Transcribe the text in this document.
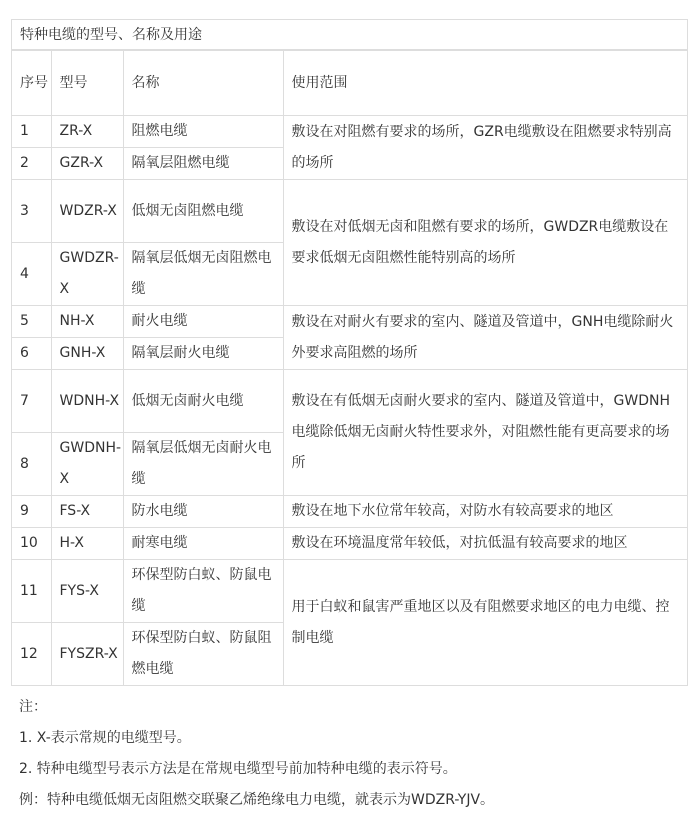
特种电缆的型号、名称及用途
序号	型号	名称	使用范围
1	ZR-X	阻燃电缆	敷设在对阻燃有要求的场所，GZR电缆敷设在阻燃要求特别高的场所
2	GZR-X	隔氧层阻燃电缆	
3	WDZR-X	低烟无卤阻燃电缆	敷设在对低烟无卤和阻燃有要求的场所，GWDZR电缆敷设在要求低烟无卤阻燃性能特别高的场所
4	GWDZR-X	隔氧层低烟无卤阻燃电缆	
5	NH-X	耐火电缆	敷设在对耐火有要求的室内、隧道及管道中，GNH电缆除耐火外要求高阻燃的场所
6	GNH-X	隔氧层耐火电缆	
7	WDNH-X	低烟无卤耐火电缆	敷设在有低烟无卤耐火要求的室内、隧道及管道中，GWDNH电缆除低烟无卤耐火特性要求外，对阻燃性能有更高要求的场所
8	GWDNH-X	隔氧层低烟无卤耐火电缆	
9	FS-X	防水电缆	敷设在地下水位常年较高，对防水有较高要求的地区
10	H-X	耐寒电缆	敷设在环境温度常年较低，对抗低温有较高要求的地区
11	FYS-X	环保型防白蚁、防鼠电缆	用于白蚁和鼠害严重地区以及有阻燃要求地区的电力电缆、控制电缆
12	FYSZR-X	环保型防白蚁、防鼠阻燃电缆	
注：
1. X-表示常规的电缆型号。
2. 特种电缆型号表示方法是在常规电缆型号前加特种电缆的表示符号。
例：特种电缆低烟无卤阻燃交联聚乙烯绝缘电力电缆，就表示为WDZR-YJV。
